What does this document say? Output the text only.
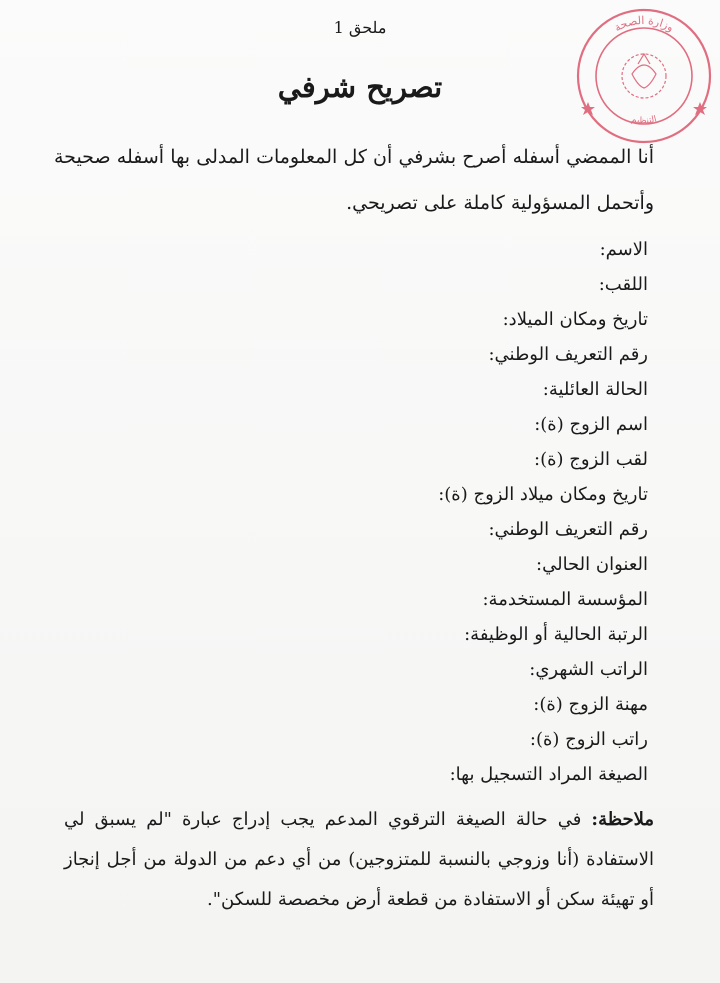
ملحق 1
تصريح شرفي
أنا الممضي أسفله أصرح بشرفي أن كل المعلومات المدلى بها أسفله صحيحة وأتحمل المسؤولية كاملة على تصريحي.
الاسم:
اللقب:
تاريخ ومكان الميلاد:
رقم التعريف الوطني:
الحالة العائلية:
اسم الزوج (ة):
لقب الزوج (ة):
تاريخ ومكان ميلاد الزوج (ة):
رقم التعريف الوطني:
العنوان الحالي:
المؤسسة المستخدمة:
الرتبة الحالية أو الوظيفة:
الراتب الشهري:
مهنة الزوج (ة):
راتب الزوج (ة):
الصيغة المراد التسجيل بها:
ملاحظة: في حالة الصيغة الترقوي المدعم يجب إدراج عبارة "لم يسبق لي الاستفادة (أنا وزوجي بالنسبة للمتزوجين) من أي دعم من الدولة من أجل إنجاز أو تهيئة سكن أو الاستفادة من قطعة أرض مخصصة للسكن".
وزارة الصحة
التنظيم
